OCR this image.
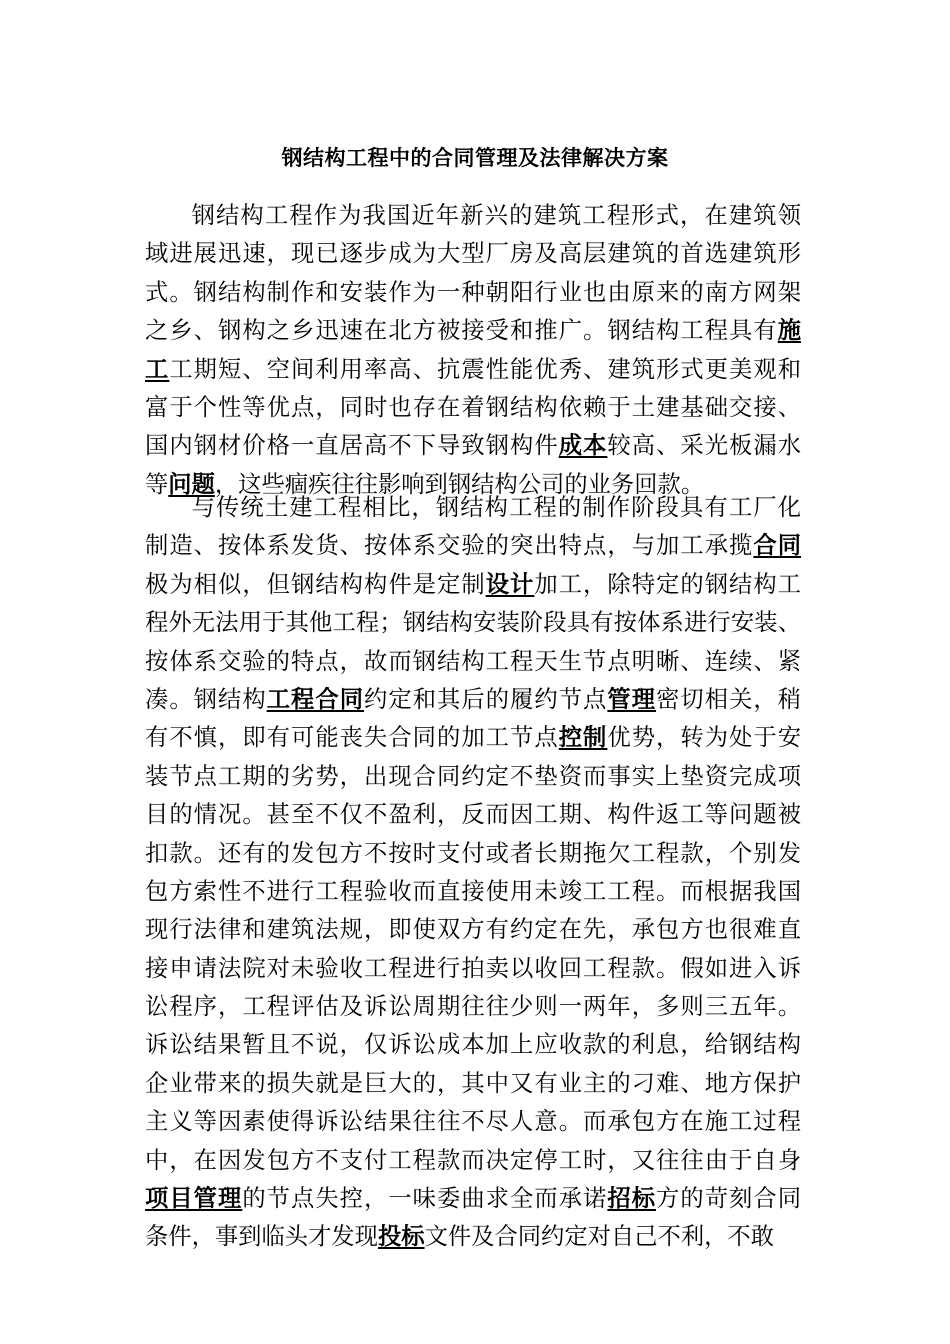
钢结构工程中的合同管理及法律解决方案
钢结构工程作为我国近年新兴的建筑工程形式，在建筑领
域进展迅速，现已逐步成为大型厂房及高层建筑的首选建筑形
式。钢结构制作和安装作为一种朝阳行业也由原来的南方网架
之乡、钢构之乡迅速在北方被接受和推广。钢结构工程具有施
工工期短、空间利用率高、抗震性能优秀、建筑形式更美观和
富于个性等优点，同时也存在着钢结构依赖于土建基础交接、
国内钢材价格一直居高不下导致钢构件成本较高、采光板漏水
等问题，这些痼疾往往影响到钢结构公司的业务回款。
与传统土建工程相比，钢结构工程的制作阶段具有工厂化
制造、按体系发货、按体系交验的突出特点，与加工承揽合同
极为相似，但钢结构构件是定制设计加工，除特定的钢结构工
程外无法用于其他工程；钢结构安装阶段具有按体系进行安装、
按体系交验的特点，故而钢结构工程天生节点明晰、连续、紧
凑。钢结构工程合同约定和其后的履约节点管理密切相关，稍
有不慎，即有可能丧失合同的加工节点控制优势，转为处于安
装节点工期的劣势，出现合同约定不垫资而事实上垫资完成项
目的情况。甚至不仅不盈利，反而因工期、构件返工等问题被
扣款。还有的发包方不按时支付或者长期拖欠工程款，个别发
包方索性不进行工程验收而直接使用未竣工工程。而根据我国
现行法律和建筑法规，即使双方有约定在先，承包方也很难直
接申请法院对未验收工程进行拍卖以收回工程款。假如进入诉
讼程序，工程评估及诉讼周期往往少则一两年，多则三五年。
诉讼结果暂且不说，仅诉讼成本加上应收款的利息，给钢结构
企业带来的损失就是巨大的，其中又有业主的刁难、地方保护
主义等因素使得诉讼结果往往不尽人意。而承包方在施工过程
中，在因发包方不支付工程款而决定停工时，又往往由于自身
项目管理的节点失控，一味委曲求全而承诺招标方的苛刻合同
条件，事到临头才发现投标文件及合同约定对自己不利，不敢
